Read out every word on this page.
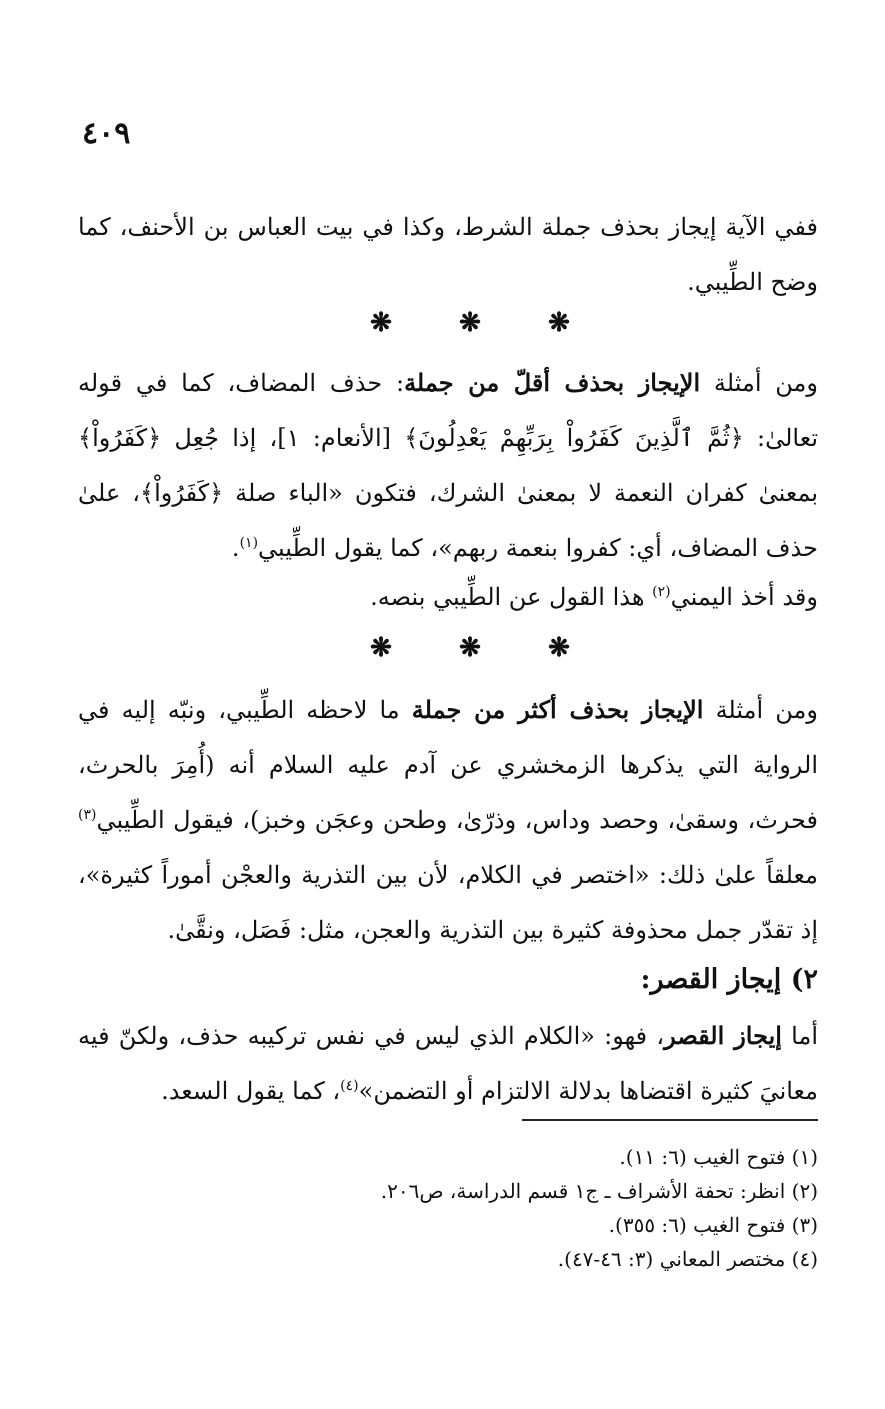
٤٠٩

ففي الآية إيجاز بحذف جملة الشرط، وكذا في بيت العباس بن الأحنف، كما وضح الطِّيبي.

❋	❋	❋

ومن أمثلة الإيجاز بحذف أقلّ من جملة: حذف المضاف، كما في قوله تعالىٰ: ﴿ثُمَّ ٱلَّذِينَ كَفَرُواْ بِرَبِّهِمْ يَعْدِلُونَ﴾ [الأنعام: ١]، إذا جُعِل ﴿كَفَرُواْ﴾ بمعنىٰ كفران النعمة لا بمعنىٰ الشرك، فتكون «الباء صلة ﴿كَفَرُواْ﴾، علىٰ حذف المضاف، أي: كفروا بنعمة ربهم»، كما يقول الطِّيبي$^{(١)}$.

وقد أخذ اليمني$^{(٢)}$ هذا القول عن الطِّيبي بنصه.

❋	❋	❋

ومن أمثلة الإيجاز بحذف أكثر من جملة ما لاحظه الطِّيبي، ونبّه إليه في الرواية التي يذكرها الزمخشري عن آدم عليه السلام أنه (أُمِرَ بالحرث، فحرث، وسقىٰ، وحصد وداس، وذرّىٰ، وطحن وعجَن وخبز)، فيقول الطِّيبي$^{(٣)}$ معلقاً علىٰ ذلك: «اختصر في الكلام، لأن بين التذرية والعجْن أموراً كثيرة»، إذ تقدّر جمل محذوفة كثيرة بين التذرية والعجن، مثل: فَصَل، ونقَّىٰ.

٢) إيجاز القصر:

أما إيجاز القصر، فهو: «الكلام الذي ليس في نفس تركيبه حذف، ولكنّ فيه معانيَ كثيرة اقتضاها بدلالة الالتزام أو التضمن»$^{(٤)}$، كما يقول السعد.

(١) فتوح الغيب (٦: ١١).
(٢) انظر: تحفة الأشراف ـ ج١ قسم الدراسة، ص٢٠٦.
(٣) فتوح الغيب (٦: ٣٥٥).
(٤) مختصر المعاني (٣: ٤٦-٤٧).
